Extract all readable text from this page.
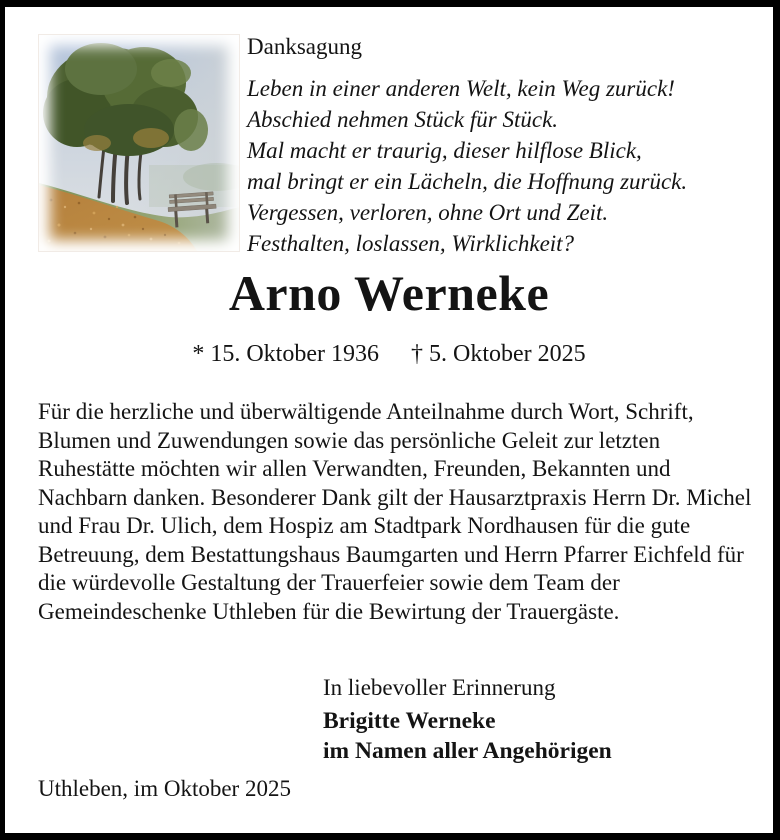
Danksagung
Leben in einer anderen Welt, kein Weg zurück!
Abschied nehmen Stück für Stück.
Mal macht er traurig, dieser hilflose Blick,
mal bringt er ein Lächeln, die Hoffnung zurück.
Vergessen, verloren, ohne Ort und Zeit.
Festhalten, loslassen, Wirklichkeit?
Arno Werneke
* 15. Oktober 1936 † 5. Oktober 2025
Für die herzliche und überwältigende Anteilnahme durch Wort, Schrift, Blumen und Zuwendungen sowie das persönliche Geleit zur letzten Ruhestätte möchten wir allen Verwandten, Freunden, Bekannten und Nachbarn danken. Besonderer Dank gilt der Hausarztpraxis Herrn Dr. Michel und Frau Dr. Ulich, dem Hospiz am Stadtpark Nordhausen für die gute Betreuung, dem Bestattungshaus Baumgarten und Herrn Pfarrer Eichfeld für die würdevolle Gestaltung der Trauerfeier sowie dem Team der Gemeindeschenke Uthleben für die Bewirtung der Trauergäste.
In liebevoller Erinnerung
Brigitte Werneke
im Namen aller Angehörigen
Uthleben, im Oktober 2025
